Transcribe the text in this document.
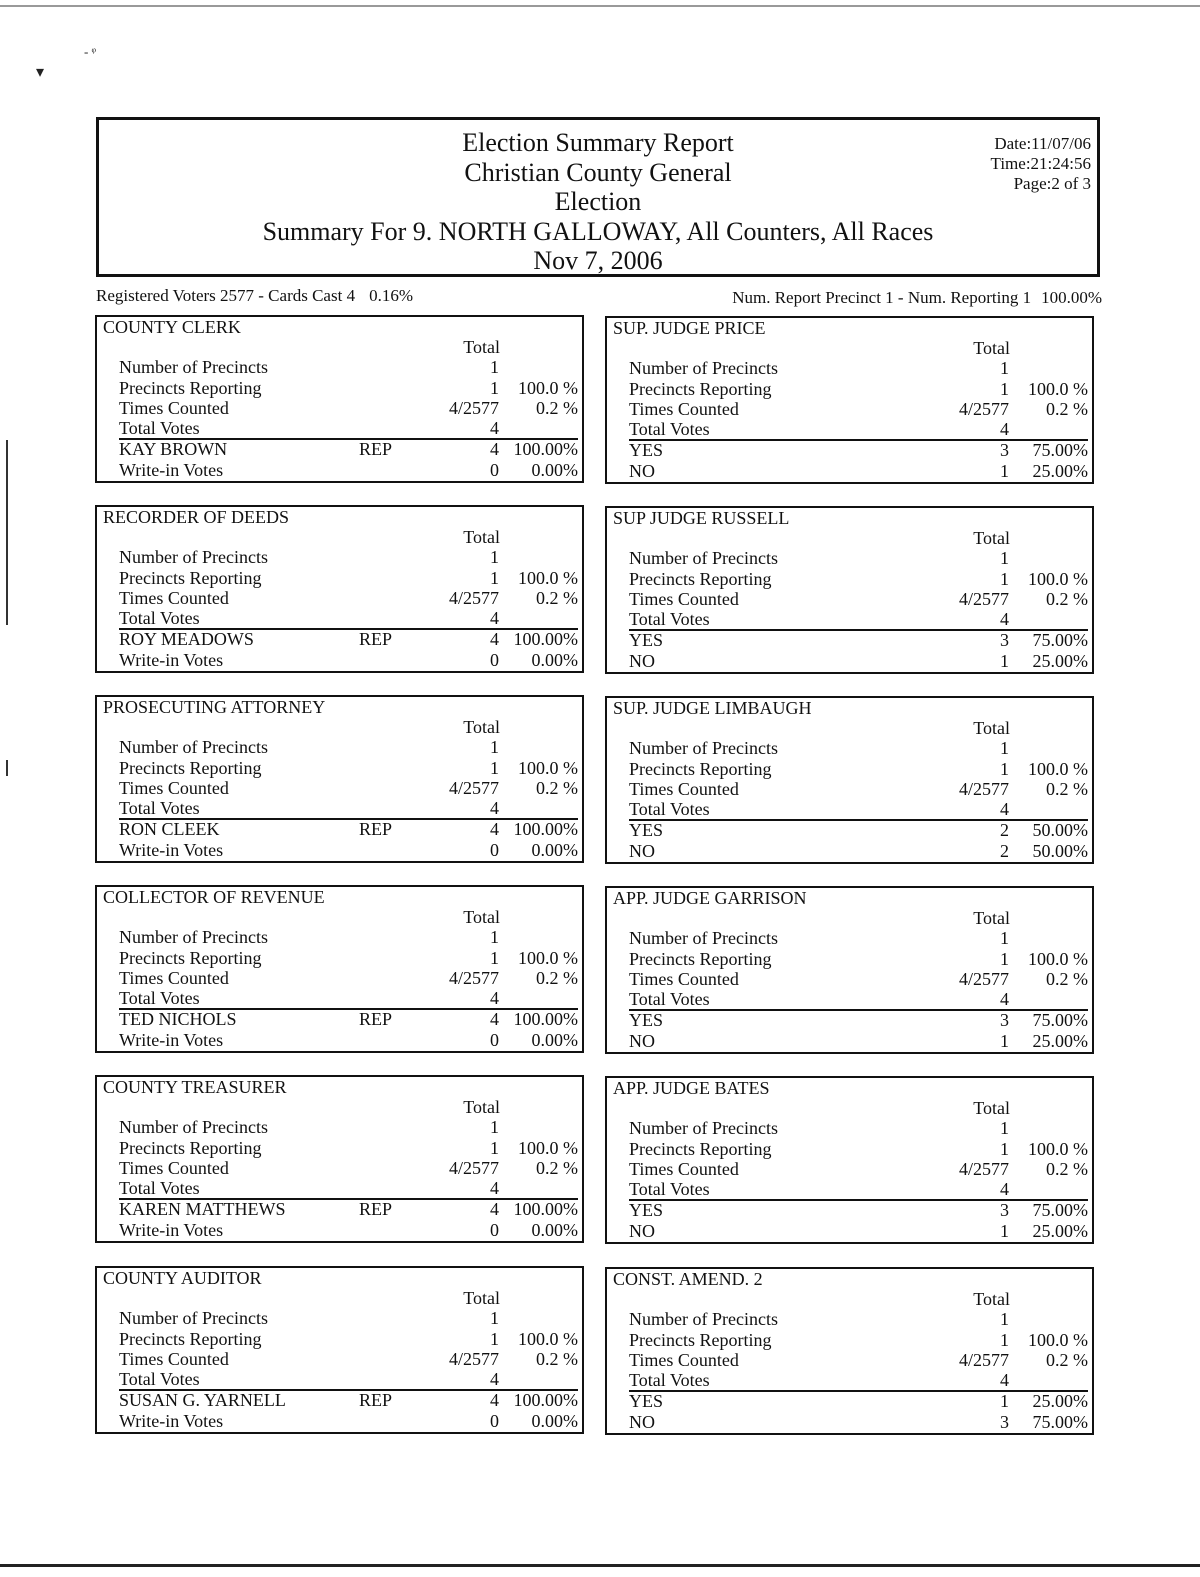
▾
‑ ᵠ
Election Summary Report
Christian County General
Election
Summary For 9. NORTH GALLOWAY, All Counters, All Races
Nov 7, 2006
Date:11/07/06
Time:21:24:56
Page:2 of 3
Registered Voters 2577 - Cards Cast 4 0.16%	Num. Report Precinct 1 - Num. Reporting 1 100.00%
COUNTY CLERK
Total
Number of Precincts	1
Precincts Reporting	1 100.0 %
Times Counted	4/2577 0.2 %
Total Votes	4
KAY BROWN	REP	4 100.00%
Write-in Votes	0 0.00%
SUP. JUDGE PRICE
Total
Number of Precincts	1
Precincts Reporting	1 100.0 %
Times Counted	4/2577 0.2 %
Total Votes	4
YES	3 75.00%
NO	1 25.00%
RECORDER OF DEEDS
Total
Number of Precincts	1
Precincts Reporting	1 100.0 %
Times Counted	4/2577 0.2 %
Total Votes	4
ROY MEADOWS	REP	4 100.00%
Write-in Votes	0 0.00%
SUP JUDGE RUSSELL
Total
Number of Precincts	1
Precincts Reporting	1 100.0 %
Times Counted	4/2577 0.2 %
Total Votes	4
YES	3 75.00%
NO	1 25.00%
PROSECUTING ATTORNEY
Total
Number of Precincts	1
Precincts Reporting	1 100.0 %
Times Counted	4/2577 0.2 %
Total Votes	4
RON CLEEK	REP	4 100.00%
Write-in Votes	0 0.00%
SUP. JUDGE LIMBAUGH
Total
Number of Precincts	1
Precincts Reporting	1 100.0 %
Times Counted	4/2577 0.2 %
Total Votes	4
YES	2 50.00%
NO	2 50.00%
COLLECTOR OF REVENUE
Total
Number of Precincts	1
Precincts Reporting	1 100.0 %
Times Counted	4/2577 0.2 %
Total Votes	4
TED NICHOLS	REP	4 100.00%
Write-in Votes	0 0.00%
APP. JUDGE GARRISON
Total
Number of Precincts	1
Precincts Reporting	1 100.0 %
Times Counted	4/2577 0.2 %
Total Votes	4
YES	3 75.00%
NO	1 25.00%
COUNTY TREASURER
Total
Number of Precincts	1
Precincts Reporting	1 100.0 %
Times Counted	4/2577 0.2 %
Total Votes	4
KAREN MATTHEWS	REP	4 100.00%
Write-in Votes	0 0.00%
APP. JUDGE BATES
Total
Number of Precincts	1
Precincts Reporting	1 100.0 %
Times Counted	4/2577 0.2 %
Total Votes	4
YES	3 75.00%
NO	1 25.00%
COUNTY AUDITOR
Total
Number of Precincts	1
Precincts Reporting	1 100.0 %
Times Counted	4/2577 0.2 %
Total Votes	4
SUSAN G. YARNELL	REP	4 100.00%
Write-in Votes	0 0.00%
CONST. AMEND. 2
Total
Number of Precincts	1
Precincts Reporting	1 100.0 %
Times Counted	4/2577 0.2 %
Total Votes	4
YES	1 25.00%
NO	3 75.00%
